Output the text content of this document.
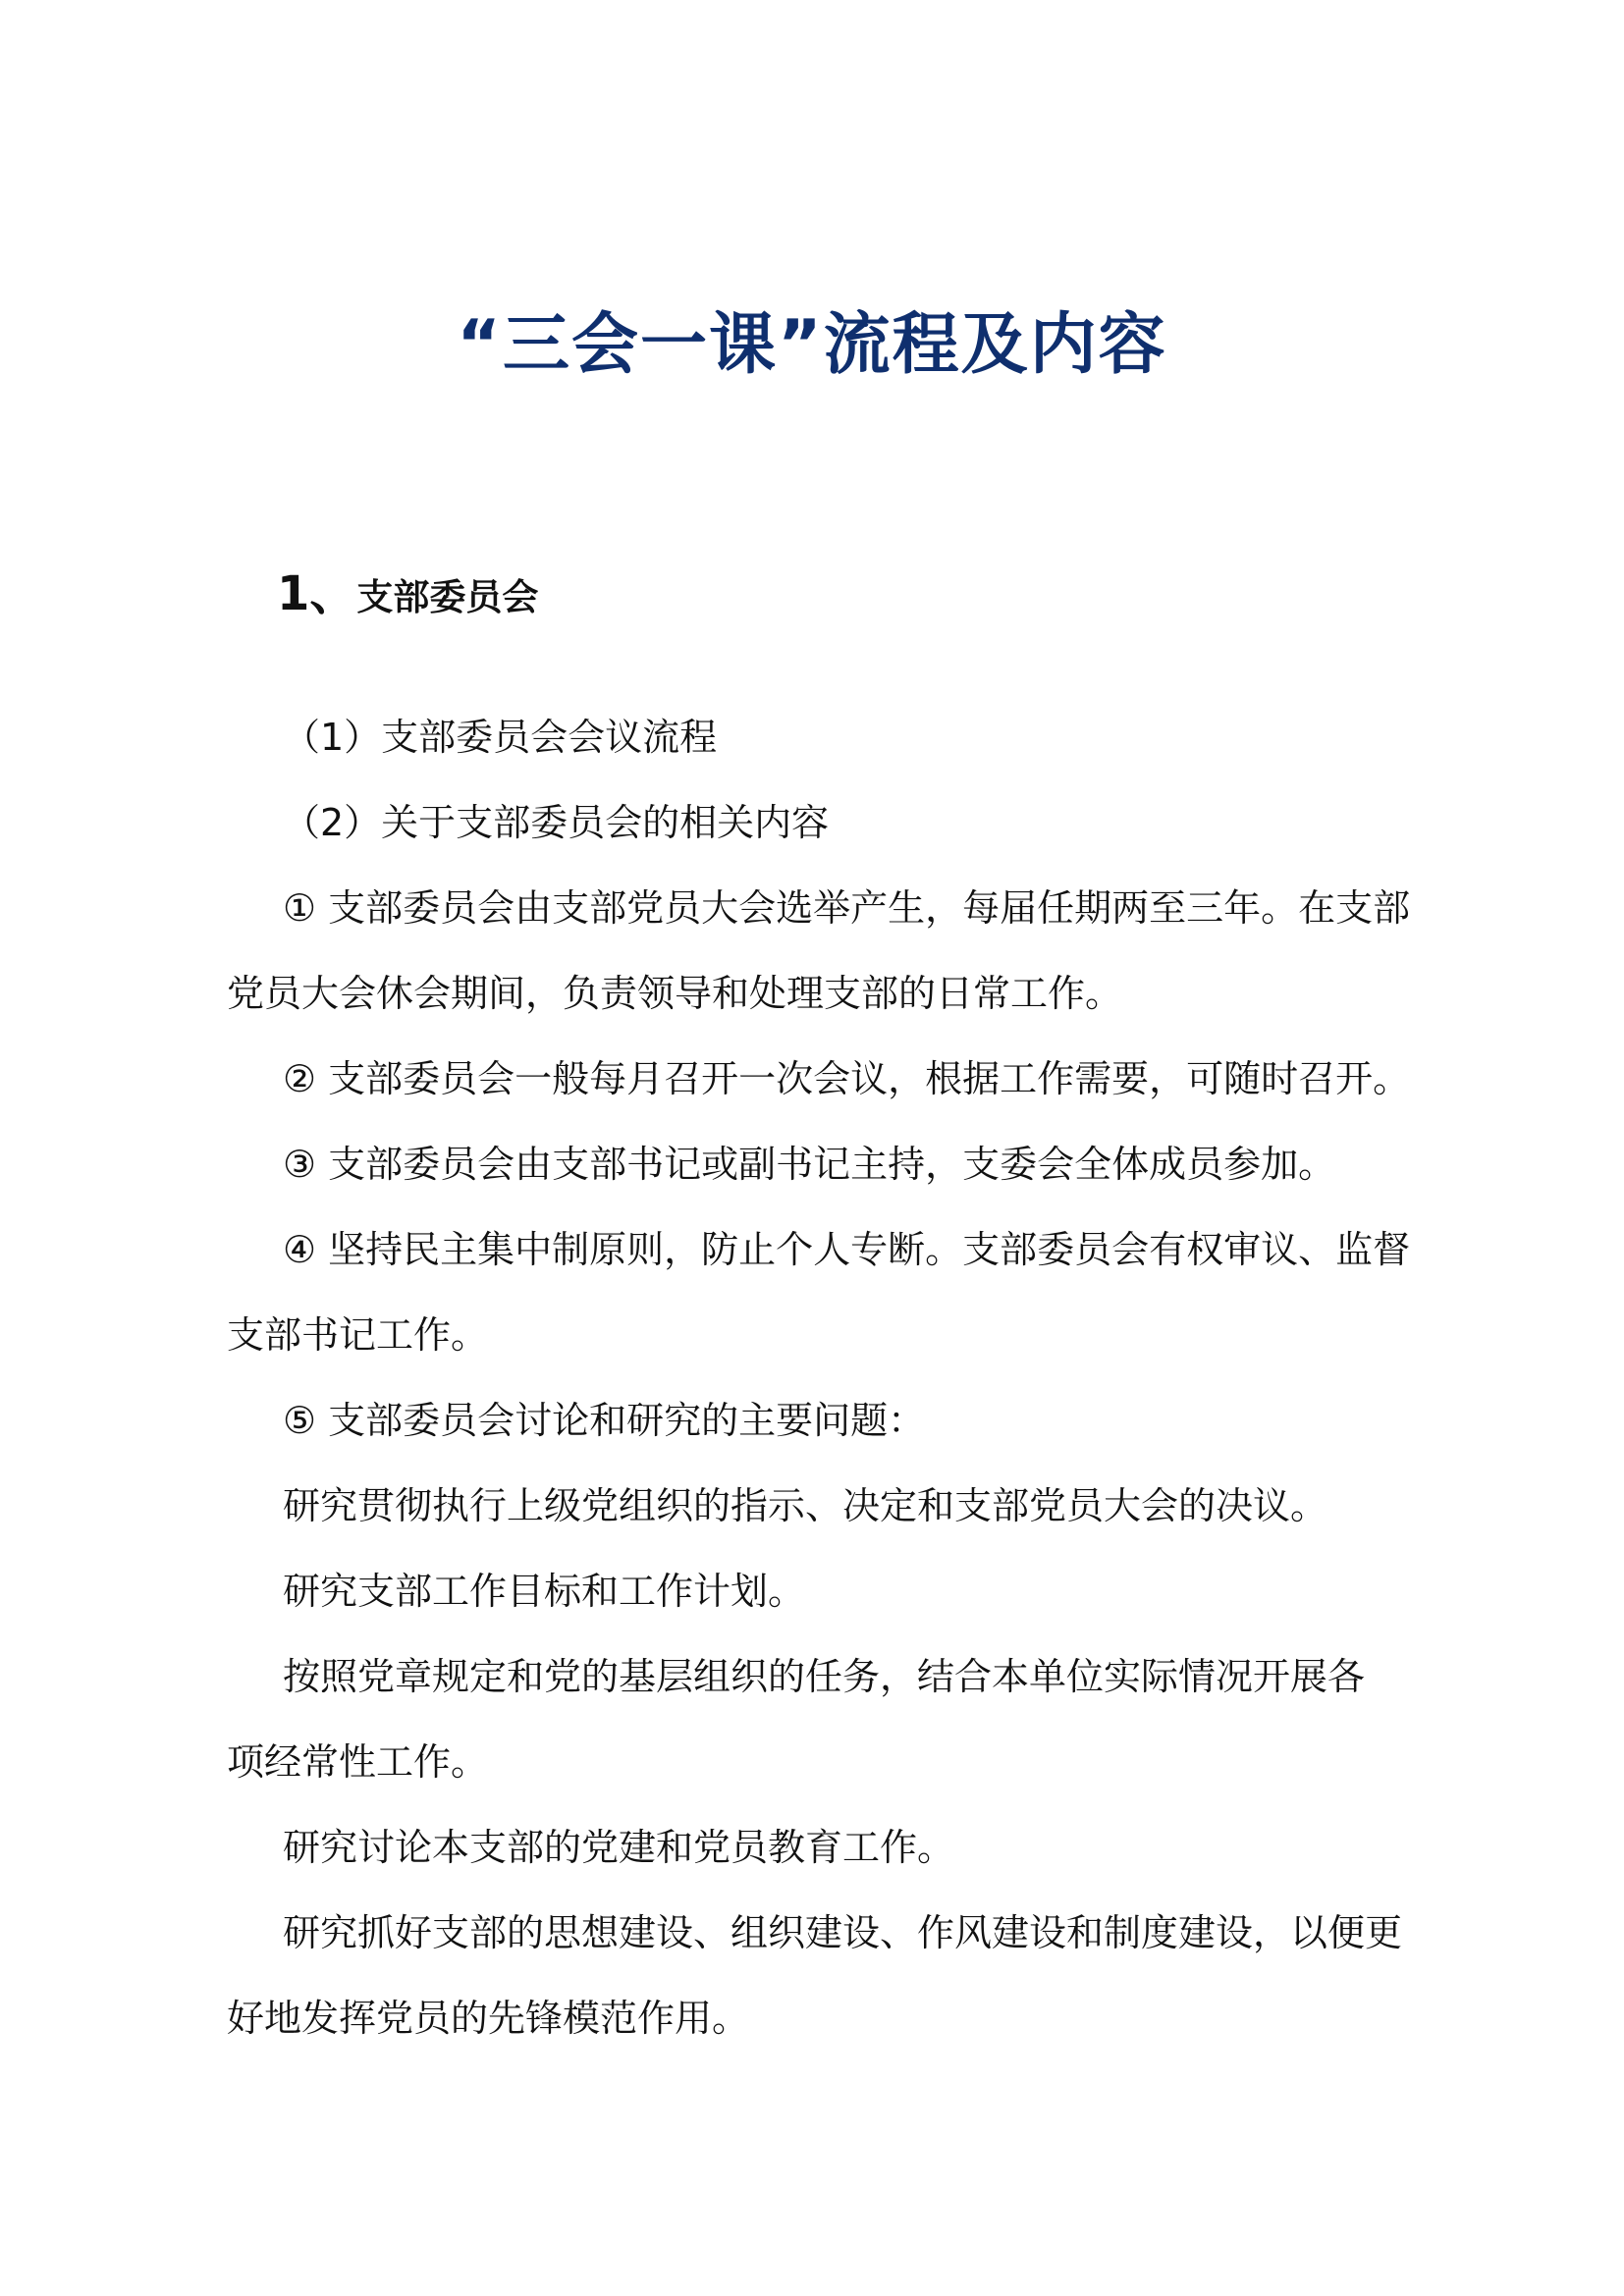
“三会一课”流程及内容
1、支部委员会

（1）支部委员会会议流程

（2）关于支部委员会的相关内容

① 支部委员会由支部党员大会选举产生，每届任期两至三年。在支部

党员大会休会期间，负责领导和处理支部的日常工作。

② 支部委员会一般每月召开一次会议，根据工作需要，可随时召开。

③ 支部委员会由支部书记或副书记主持，支委会全体成员参加。

④ 坚持民主集中制原则，防止个人专断。支部委员会有权审议、监督

支部书记工作。

⑤ 支部委员会讨论和研究的主要问题：

研究贯彻执行上级党组织的指示、决定和支部党员大会的决议。

研究支部工作目标和工作计划。

按照党章规定和党的基层组织的任务，结合本单位实际情况开展各

项经常性工作。

研究讨论本支部的党建和党员教育工作。

研究抓好支部的思想建设、组织建设、作风建设和制度建设，以便更

好地发挥党员的先锋模范作用。
